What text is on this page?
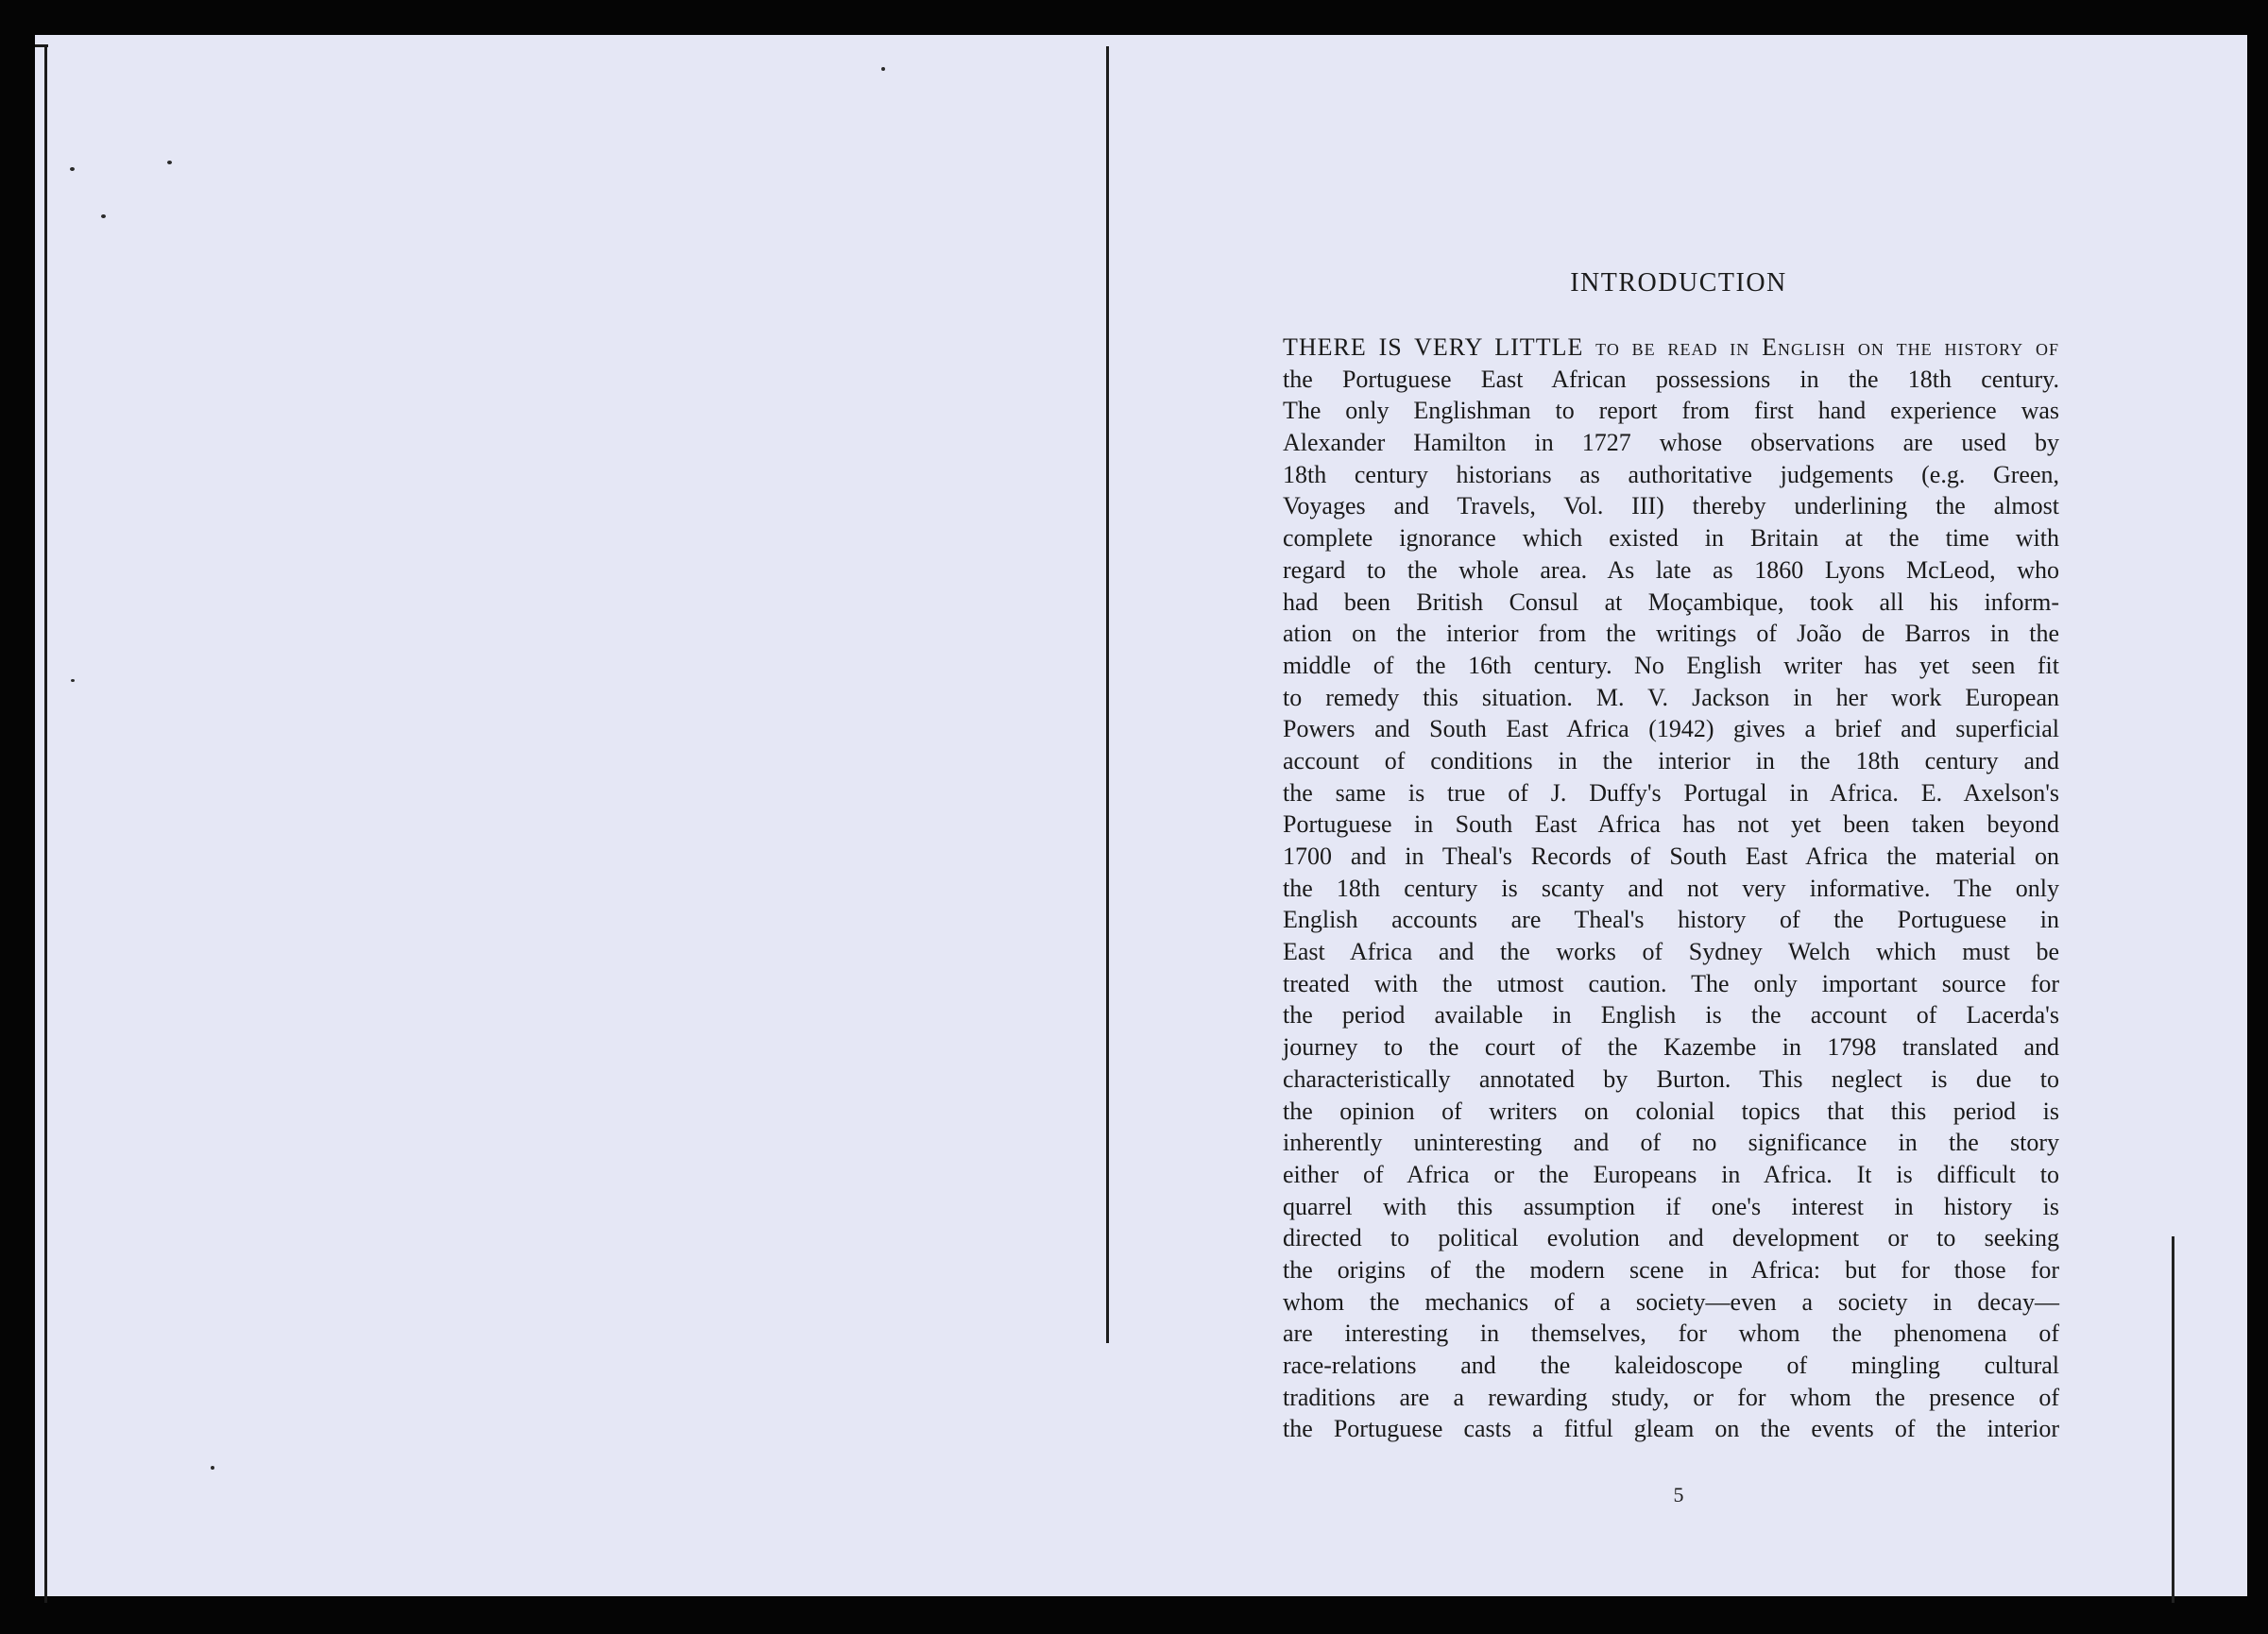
INTRODUCTION
THERE IS VERY LITTLE to be read in English on the history of
the Portuguese East African possessions in the 18th century.
The only Englishman to report from first hand experience was
Alexander Hamilton in 1727 whose observations are used by
18th century historians as authoritative judgements (e.g. Green,
Voyages and Travels, Vol. III) thereby underlining the almost
complete ignorance which existed in Britain at the time with
regard to the whole area. As late as 1860 Lyons McLeod, who
had been British Consul at Moçambique, took all his inform-
ation on the interior from the writings of João de Barros in the
middle of the 16th century. No English writer has yet seen fit
to remedy this situation. M. V. Jackson in her work European
Powers and South East Africa (1942) gives a brief and superficial
account of conditions in the interior in the 18th century and
the same is true of J. Duffy's Portugal in Africa. E. Axelson's
Portuguese in South East Africa has not yet been taken beyond
1700 and in Theal's Records of South East Africa the material on
the 18th century is scanty and not very informative. The only
English accounts are Theal's history of the Portuguese in
East Africa and the works of Sydney Welch which must be
treated with the utmost caution. The only important source for
the period available in English is the account of Lacerda's
journey to the court of the Kazembe in 1798 translated and
characteristically annotated by Burton. This neglect is due to
the opinion of writers on colonial topics that this period is
inherently uninteresting and of no significance in the story
either of Africa or the Europeans in Africa. It is difficult to
quarrel with this assumption if one's interest in history is
directed to political evolution and development or to seeking
the origins of the modern scene in Africa: but for those for
whom the mechanics of a society—even a society in decay—
are interesting in themselves, for whom the phenomena of
race-relations and the kaleidoscope of mingling cultural
traditions are a rewarding study, or for whom the presence of
the Portuguese casts a fitful gleam on the events of the interior
5
